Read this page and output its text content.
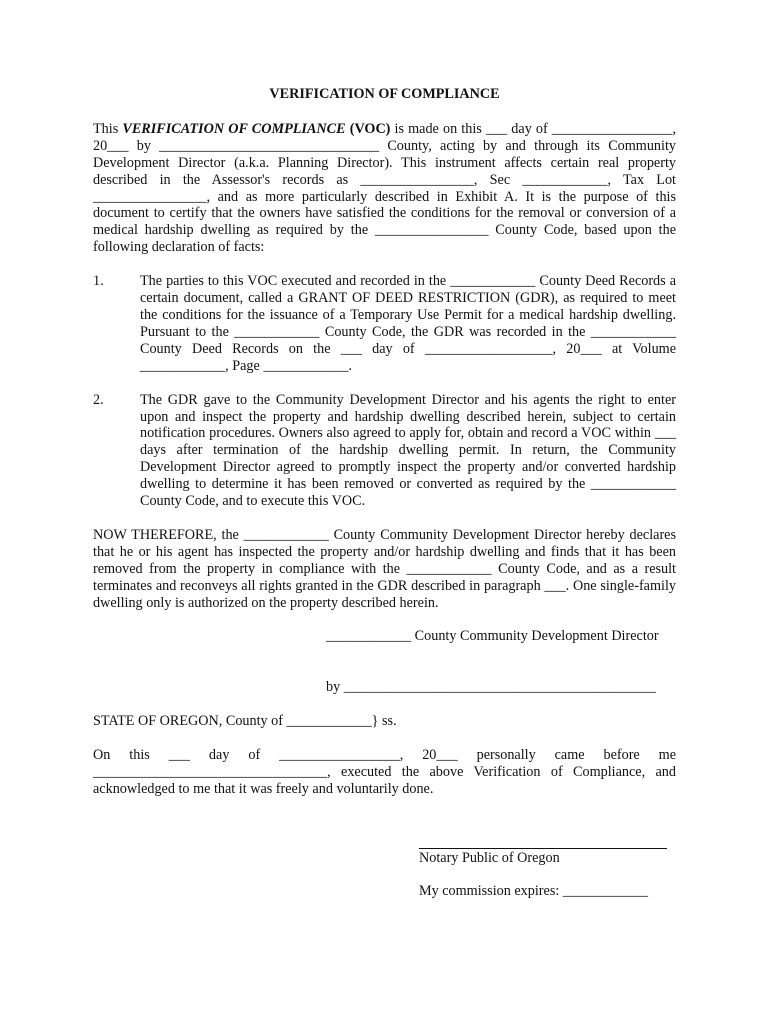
VERIFICATION OF COMPLIANCE

This VERIFICATION OF COMPLIANCE (VOC) is made on this ___ day of _________________, 20___ by _______________________________ County, acting by and through its Community Development Director (a.k.a. Planning Director). This instrument affects certain real property described in the Assessor's records as ________________, Sec ____________, Tax Lot ________________, and as more particularly described in Exhibit A. It is the purpose of this document to certify that the owners have satisfied the conditions for the removal or conversion of a medical hardship dwelling as required by the ________________ County Code, based upon the following declaration of facts:

1.	The parties to this VOC executed and recorded in the ____________ County Deed Records a certain document, called a GRANT OF DEED RESTRICTION (GDR), as required to meet the conditions for the issuance of a Temporary Use Permit for a medical hardship dwelling. Pursuant to the ____________ County Code, the GDR was recorded in the ____________ County Deed Records on the ___ day of __________________, 20___ at Volume ____________, Page ____________.
2.	The GDR gave to the Community Development Director and his agents the right to enter upon and inspect the property and hardship dwelling described herein, subject to certain notification procedures. Owners also agreed to apply for, obtain and record a VOC within ___ days after termination of the hardship dwelling permit. In return, the Community Development Director agreed to promptly inspect the property and/or converted hardship dwelling to determine it has been removed or converted as required by the ____________ County Code, and to execute this VOC.

NOW THEREFORE, the ____________ County Community Development Director hereby declares that he or his agent has inspected the property and/or hardship dwelling and finds that it has been removed from the property in compliance with the ____________ County Code, and as a result terminates and reconveys all rights granted in the GDR described in paragraph ___. One single-family dwelling only is authorized on the property described herein.

____________ County Community Development Director

by ____________________________________________

STATE OF OREGON, County of ____________} ss.

On this ___ day of _________________, 20___ personally came before me _________________________________, executed the above Verification of Compliance, and acknowledged to me that it was freely and voluntarily done.

Notary Public of Oregon
My commission expires: ____________
